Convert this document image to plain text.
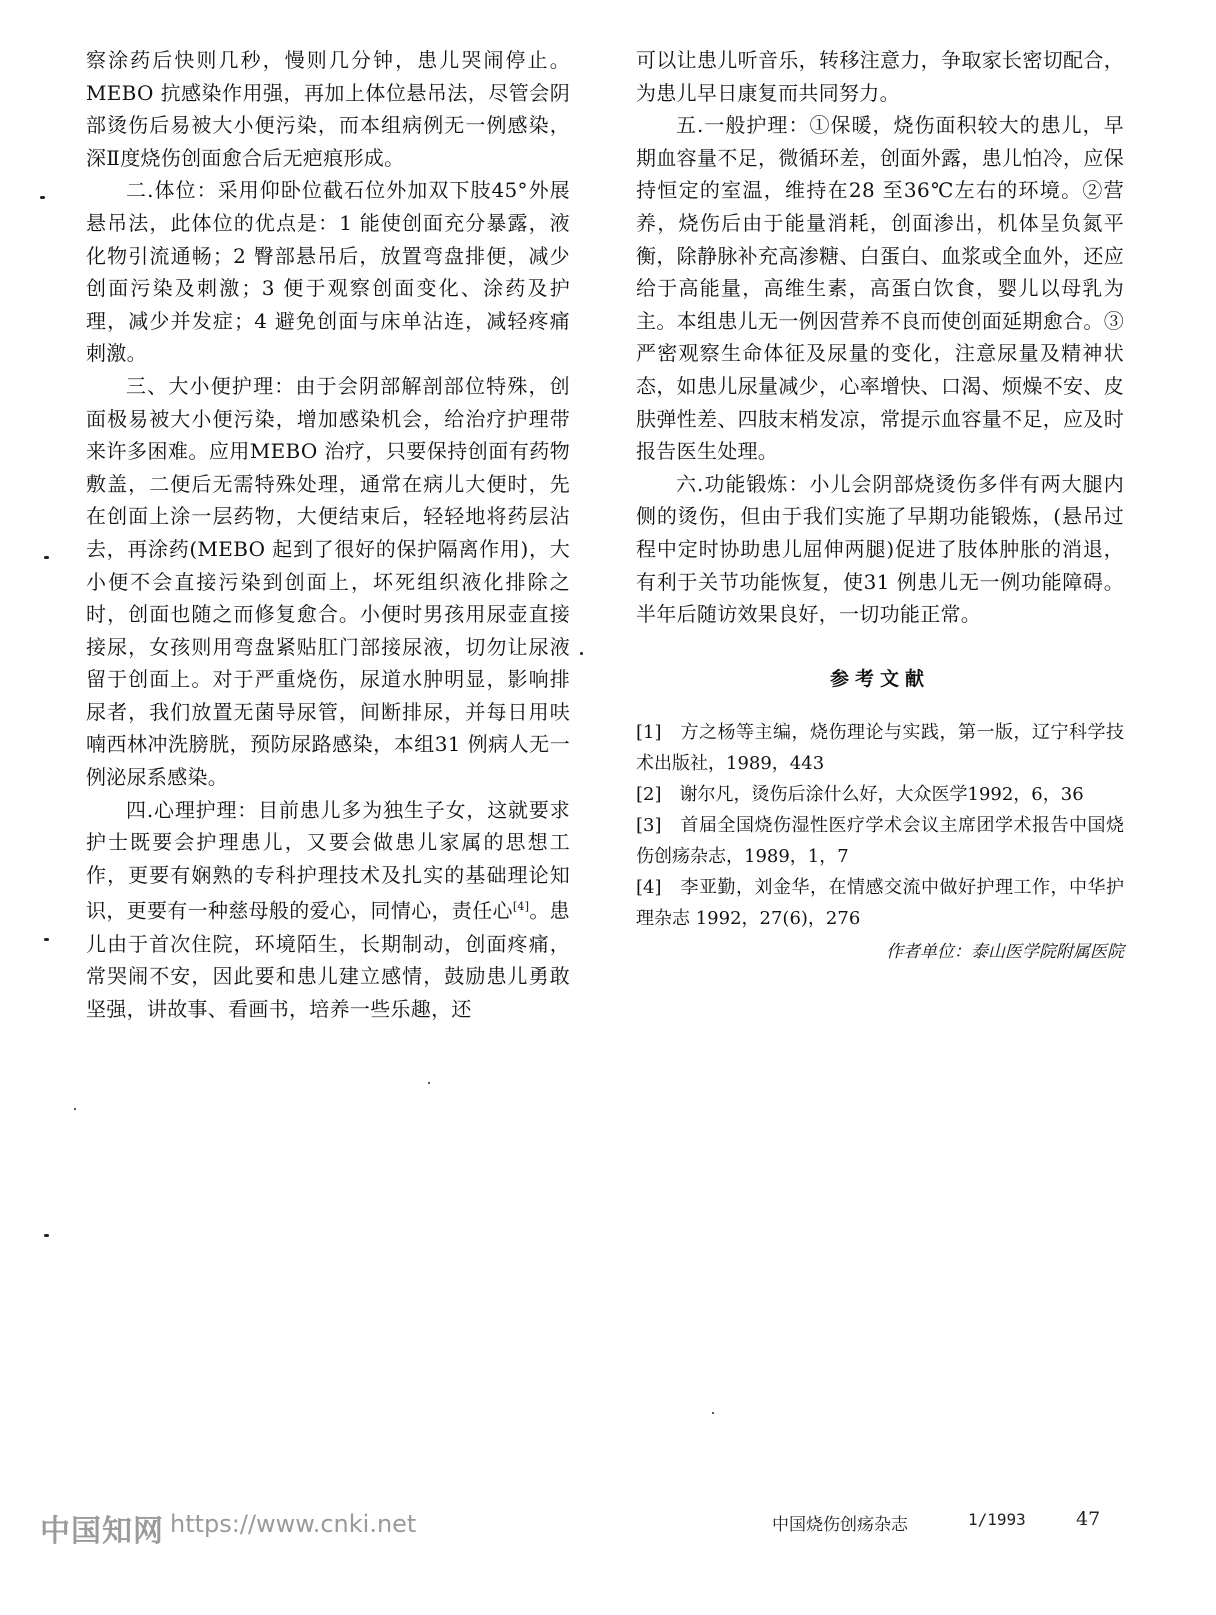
察涂药后快则几秒，慢则几分钟，患儿哭闹停止。MEBO 抗感染作用强，再加上体位悬吊法，尽管会阴部烫伤后易被大小便污染，而本组病例无一例感染，深Ⅱ度烧伤创面愈合后无疤痕形成。

二.体位：采用仰卧位截石位外加双下肢45°外展悬吊法，此体位的优点是：1 能使创面充分暴露，液化物引流通畅；2 臀部悬吊后，放置弯盘排便，减少创面污染及刺激；3 便于观察创面变化、涂药及护理，减少并发症；4 避免创面与床单沾连，减轻疼痛刺激。

三、大小便护理：由于会阴部解剖部位特殊，创面极易被大小便污染，增加感染机会，给治疗护理带来许多困难。应用MEBO 治疗，只要保持创面有药物敷盖，二便后无需特殊处理，通常在病儿大便时，先在创面上涂一层药物，大便结束后，轻轻地将药层沾去，再涂药(MEBO 起到了很好的保护隔离作用)，大小便不会直接污染到创面上，坏死组织液化排除之时，创面也随之而修复愈合。小便时男孩用尿壶直接接尿，女孩则用弯盘紧贴肛门部接尿液，切勿让尿液留于创面上。对于严重烧伤，尿道水肿明显，影响排尿者，我们放置无菌导尿管，间断排尿，并每日用呋喃西林冲洗膀胱，预防尿路感染，本组31 例病人无一例泌尿系感染。

四.心理护理：目前患儿多为独生子女，这就要求护士既要会护理患儿，又要会做患儿家属的思想工作，更要有娴熟的专科护理技术及扎实的基础理论知识，更要有一种慈母般的爱心，同情心，责任心[4]。患儿由于首次住院，环境陌生，长期制动，创面疼痛，常哭闹不安，因此要和患儿建立感情，鼓励患儿勇敢坚强，讲故事、看画书，培养一些乐趣，还

可以让患儿听音乐，转移注意力，争取家长密切配合，为患儿早日康复而共同努力。

五.一般护理：①保暖，烧伤面积较大的患儿，早期血容量不足，微循环差，创面外露，患儿怕冷，应保持恒定的室温，维持在28 至36℃左右的环境。②营养，烧伤后由于能量消耗，创面渗出，机体呈负氮平衡，除静脉补充高渗糖、白蛋白、血浆或全血外，还应给于高能量，高维生素，高蛋白饮食，婴儿以母乳为主。本组患儿无一例因营养不良而使创面延期愈合。③ 严密观察生命体征及尿量的变化，注意尿量及精神状态，如患儿尿量减少，心率增快、口渴、烦燥不安、皮肤弹性差、四肢末梢发凉，常提示血容量不足，应及时报告医生处理。

六.功能锻炼：小儿会阴部烧烫伤多伴有两大腿内侧的烫伤，但由于我们实施了早期功能锻炼，(悬吊过程中定时协助患儿屈伸两腿)促进了肢体肿胀的消退，有利于关节功能恢复，使31 例患儿无一例功能障碍。半年后随访效果良好，一切功能正常。

参考文献
[1]　方之杨等主编，烧伤理论与实践，第一版，辽宁科学技术出版社，1989，443
[2]　谢尔凡，烫伤后涂什么好，大众医学1992，6，36
[3]　首届全国烧伤湿性医疗学术会议主席团学术报告中国烧伤创疡杂志，1989，1，7
[4]　李亚勤，刘金华，在情感交流中做好护理工作，中华护理杂志 1992，27(6)，276
作者单位：泰山医学院附属医院
中国知网 https://www.cnki.net	中国烧伤创疡杂志	1/1993	47
